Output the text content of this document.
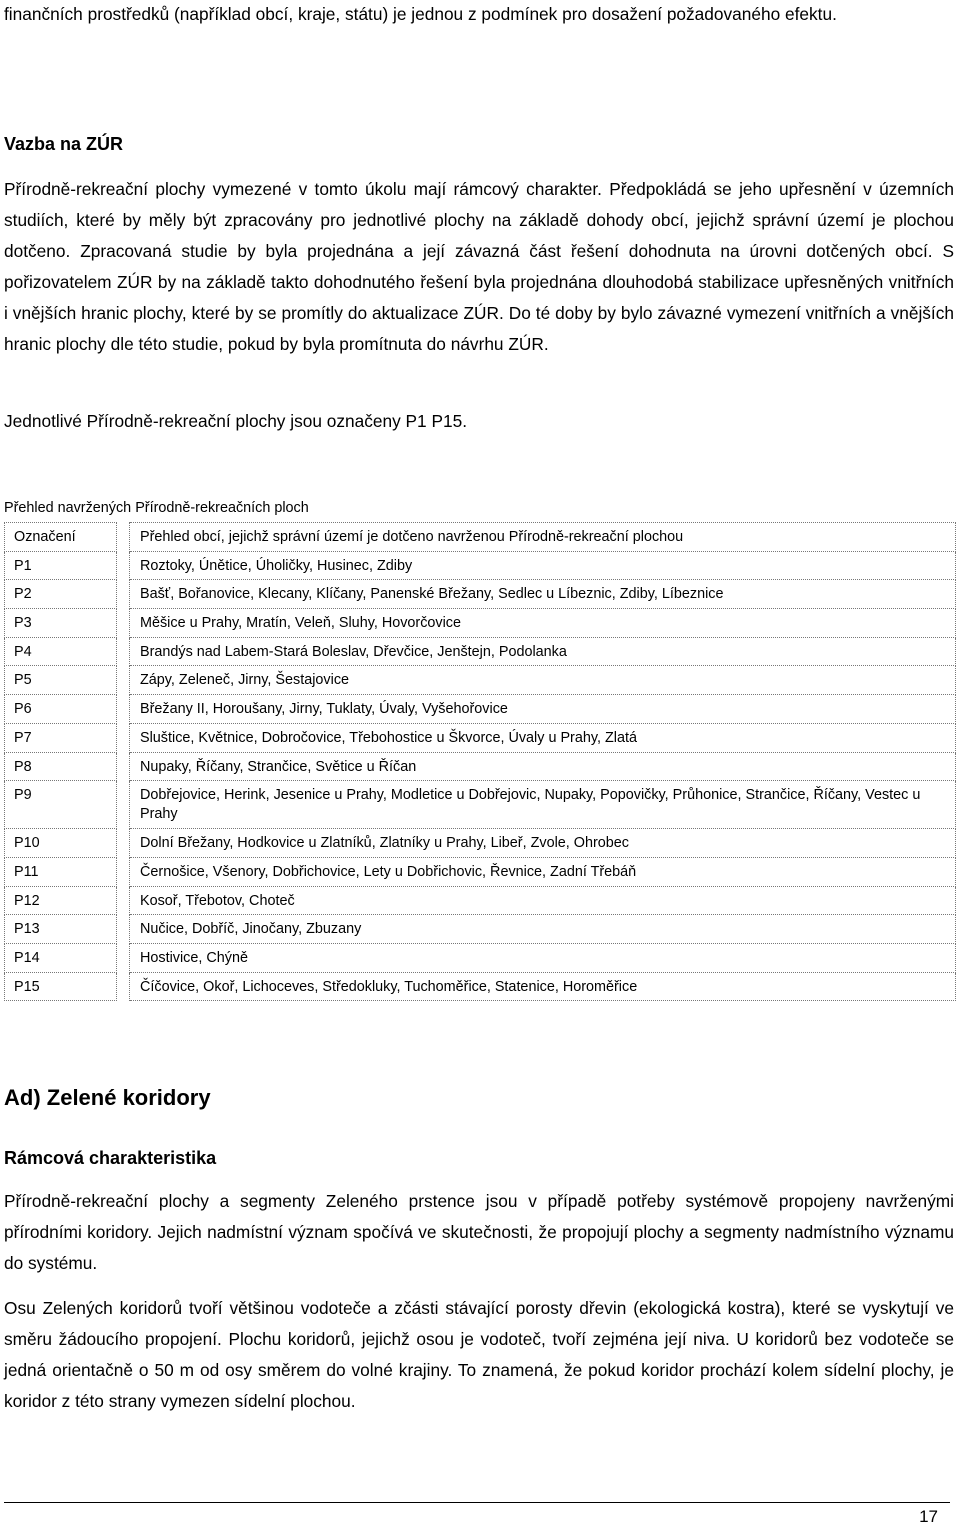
finančních prostředků (například obcí, kraje, státu) je jednou z podmínek pro dosažení požadovaného efektu.

Vazba na ZÚR

Přírodně-rekreační plochy vymezené v tomto úkolu mají rámcový charakter. Předpokládá se jeho upřesnění v územních studiích, které by měly být zpracovány pro jednotlivé plochy na základě dohody obcí, jejichž správní území je plochou dotčeno. Zpracovaná studie by byla projednána a její závazná část řešení dohodnuta na úrovni dotčených obcí. S pořizovatelem ZÚR by na základě takto dohodnutého řešení byla projednána dlouhodobá stabilizace upřesněných vnitřních i vnějších hranic plochy, které by se promítly do aktualizace ZÚR. Do té doby by bylo závazné vymezení vnitřních a vnějších hranic plochy dle této studie, pokud by byla promítnuta do návrhu ZÚR.

Jednotlivé Přírodně-rekreační plochy jsou označeny P1 P15.

Přehled navržených Přírodně-rekreačních ploch

Označení		Přehled obcí, jejichž správní území je dotčeno navrženou Přírodně-rekreační plochou
P1		Roztoky, Únětice, Úholičky, Husinec, Zdiby
P2		Bašť, Bořanovice, Klecany, Klíčany, Panenské Břežany, Sedlec u Líbeznic, Zdiby, Líbeznice
P3		Měšice u Prahy, Mratín, Veleň, Sluhy, Hovorčovice
P4		Brandýs nad Labem-Stará Boleslav, Dřevčice, Jenštejn, Podolanka
P5		Zápy, Zeleneč, Jirny, Šestajovice
P6		Břežany II, Horoušany, Jirny, Tuklaty, Úvaly, Vyšehořovice
P7		Sluštice, Květnice, Dobročovice, Třebohostice u Škvorce, Úvaly u Prahy, Zlatá
P8		Nupaky, Říčany, Strančice, Světice u Říčan
P9		Dobřejovice, Herink, Jesenice u Prahy, Modletice u Dobřejovic, Nupaky, Popovičky, Průhonice, Strančice, Říčany, Vestec u Prahy
P10		Dolní Břežany, Hodkovice u Zlatníků, Zlatníky u Prahy, Libeř, Zvole, Ohrobec
P11		Černošice, Všenory, Dobřichovice, Lety u Dobřichovic, Řevnice, Zadní Třebáň
P12		Kosoř, Třebotov, Choteč
P13		Nučice, Dobříč, Jinočany, Zbuzany
P14		Hostivice, Chýně
P15		Číčovice, Okoř, Lichoceves, Středokluky, Tuchoměřice, Statenice, Horoměřice
Ad) Zelené koridory
Rámcová charakteristika

Přírodně-rekreační plochy a segmenty Zeleného prstence jsou v případě potřeby systémově propojeny navrženými přírodními koridory. Jejich nadmístní význam spočívá ve skutečnosti, že propojují plochy a segmenty nadmístního významu do systému.

Osu Zelených koridorů tvoří většinou vodoteče a zčásti stávající porosty dřevin (ekologická kostra), které se vyskytují ve směru žádoucího propojení. Plochu koridorů, jejichž osou je vodoteč, tvoří zejména její niva. U koridorů bez vodoteče se jedná orientačně o 50 m od osy směrem do volné krajiny. To znamená, že pokud koridor prochází kolem sídelní plochy, je koridor z této strany vymezen sídelní plochou.

17
